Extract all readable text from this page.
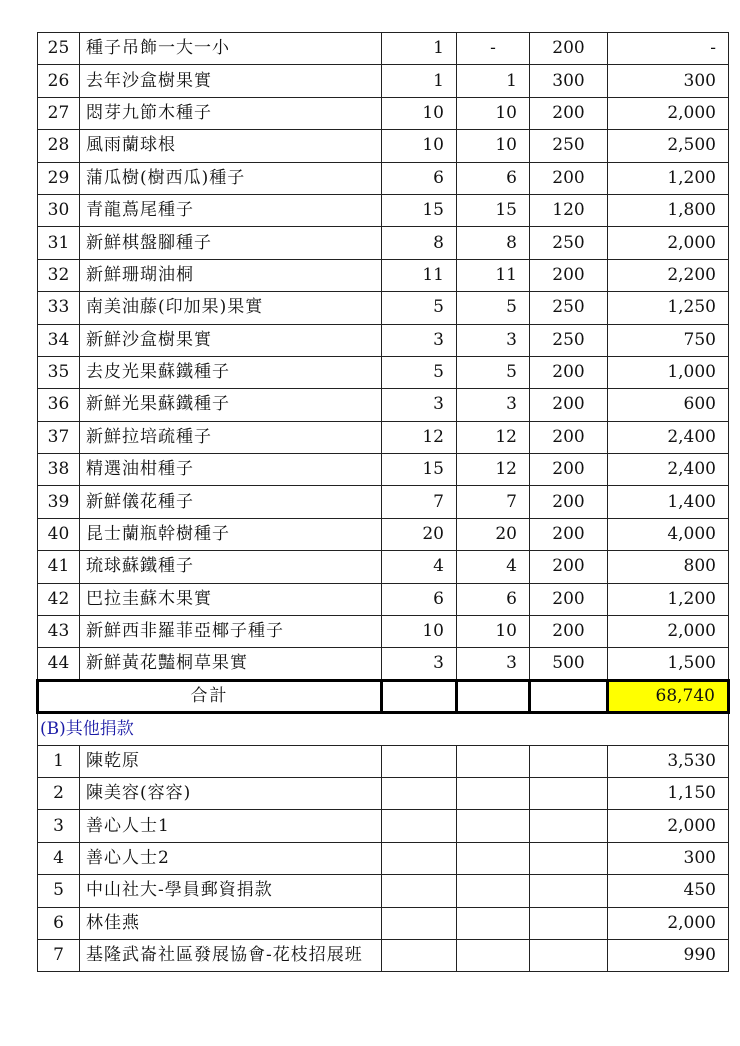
25	種子吊飾一大一小	1	-	200	-
26	去年沙盒樹果實	1	1	300	300
27	悶芽九節木種子	10	10	200	2,000
28	風雨蘭球根	10	10	250	2,500
29	蒲瓜樹(樹西瓜)種子	6	6	200	1,200
30	青龍蔦尾種子	15	15	120	1,800
31	新鮮棋盤腳種子	8	8	250	2,000
32	新鮮珊瑚油桐	11	11	200	2,200
33	南美油藤(印加果)果實	5	5	250	1,250
34	新鮮沙盒樹果實	3	3	250	750
35	去皮光果蘇鐵種子	5	5	200	1,000
36	新鮮光果蘇鐵種子	3	3	200	600
37	新鮮拉培疏種子	12	12	200	2,400
38	精選油柑種子	15	12	200	2,400
39	新鮮儀花種子	7	7	200	1,400
40	昆士蘭瓶幹樹種子	20	20	200	4,000
41	琉球蘇鐵種子	4	4	200	800
42	巴拉圭蘇木果實	6	6	200	1,200
43	新鮮西非羅菲亞椰子種子	10	10	200	2,000
44	新鮮黃花豔桐草果實	3	3	500	1,500
合計					68,740
(B)其他捐款					
1	陳乾原				3,530
2	陳美容(容容)				1,150
3	善心人士1				2,000
4	善心人士2				300
5	中山社大-學員郵資捐款				450
6	林佳燕				2,000
7	基隆武崙社區發展協會-花枝招展班				990
